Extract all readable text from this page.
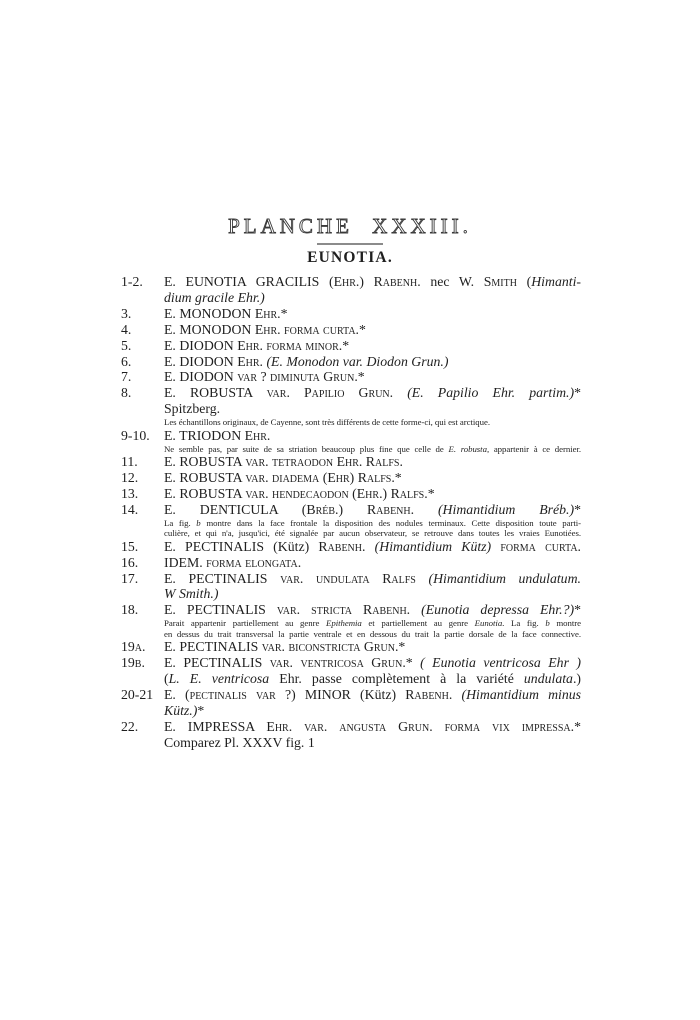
PLANCHE XXXIII.
EUNOTIA.
1-2.	E. EUNOTIA GRACILIS (Ehr.) Rabenh. nec W. Smith (Himanti-
dium gracile Ehr.)
3.	E. MONODON Ehr.*
4.	E. MONODON Ehr. forma curta.*
5.	E. DIODON Ehr. forma minor.*
6.	E. DIODON Ehr. (E. Monodon var. Diodon Grun.)
7.	E. DIODON var ? diminuta Grun.*
8.	E. ROBUSTA var. Papilio Grun. (E. Papilio Ehr. partim.)*
Spitzberg.
Les échantillons originaux, de Cayenne, sont très différents de cette forme-ci, qui est arctique.
9-10.	E. TRIODON Ehr.
Ne semble pas, par suite de sa striation beaucoup plus fine que celle de E. robusta, appartenir à ce dernier.
11.	E. ROBUSTA var. tetraodon Ehr. Ralfs.
12.	E. ROBUSTA var. diadema (Ehr) Ralfs.*
13.	E. ROBUSTA var. hendecaodon (Ehr.) Ralfs.*
14.	E. DENTICULA (Bréb.) Rabenh. (Himantidium Bréb.)*
La fig. b montre dans la face frontale la disposition des nodules terminaux. Cette disposition toute parti-
culière, et qui n'a, jusqu'ici, été signalée par aucun observateur, se retrouve dans toutes les vraies Eunotiées.
15.	E. PECTINALIS (Kütz) Rabenh. (Himantidium Kütz) forma curta.
16.	IDEM. forma elongata.
17.	E. PECTINALIS var. undulata Ralfs (Himantidium undulatum.
W Smith.)
18.	E. PECTINALIS var. stricta Rabenh. (Eunotia depressa Ehr.?)*
Parait appartenir partiellement au genre Epithemia et partiellement au genre Eunotia. La fig. b montre
en dessus du trait transversal la partie ventrale et en dessous du trait la partie dorsale de la face connective.
19a.	E. PECTINALIS var. biconstricta Grun.*
19b.	E. PECTINALIS var. ventricosa Grun.* ( Eunotia ventricosa Ehr )
(L. E. ventricosa Ehr. passe complètement à la variété undulata.)
20-21 E. (pectinalis var ?) MINOR (Kütz) Rabenh. (Himantidium minus
Kütz.)*
22.	E. IMPRESSA Ehr. var. angusta Grun. forma vix impressa.*
Comparez Pl. XXXV fig. 1
